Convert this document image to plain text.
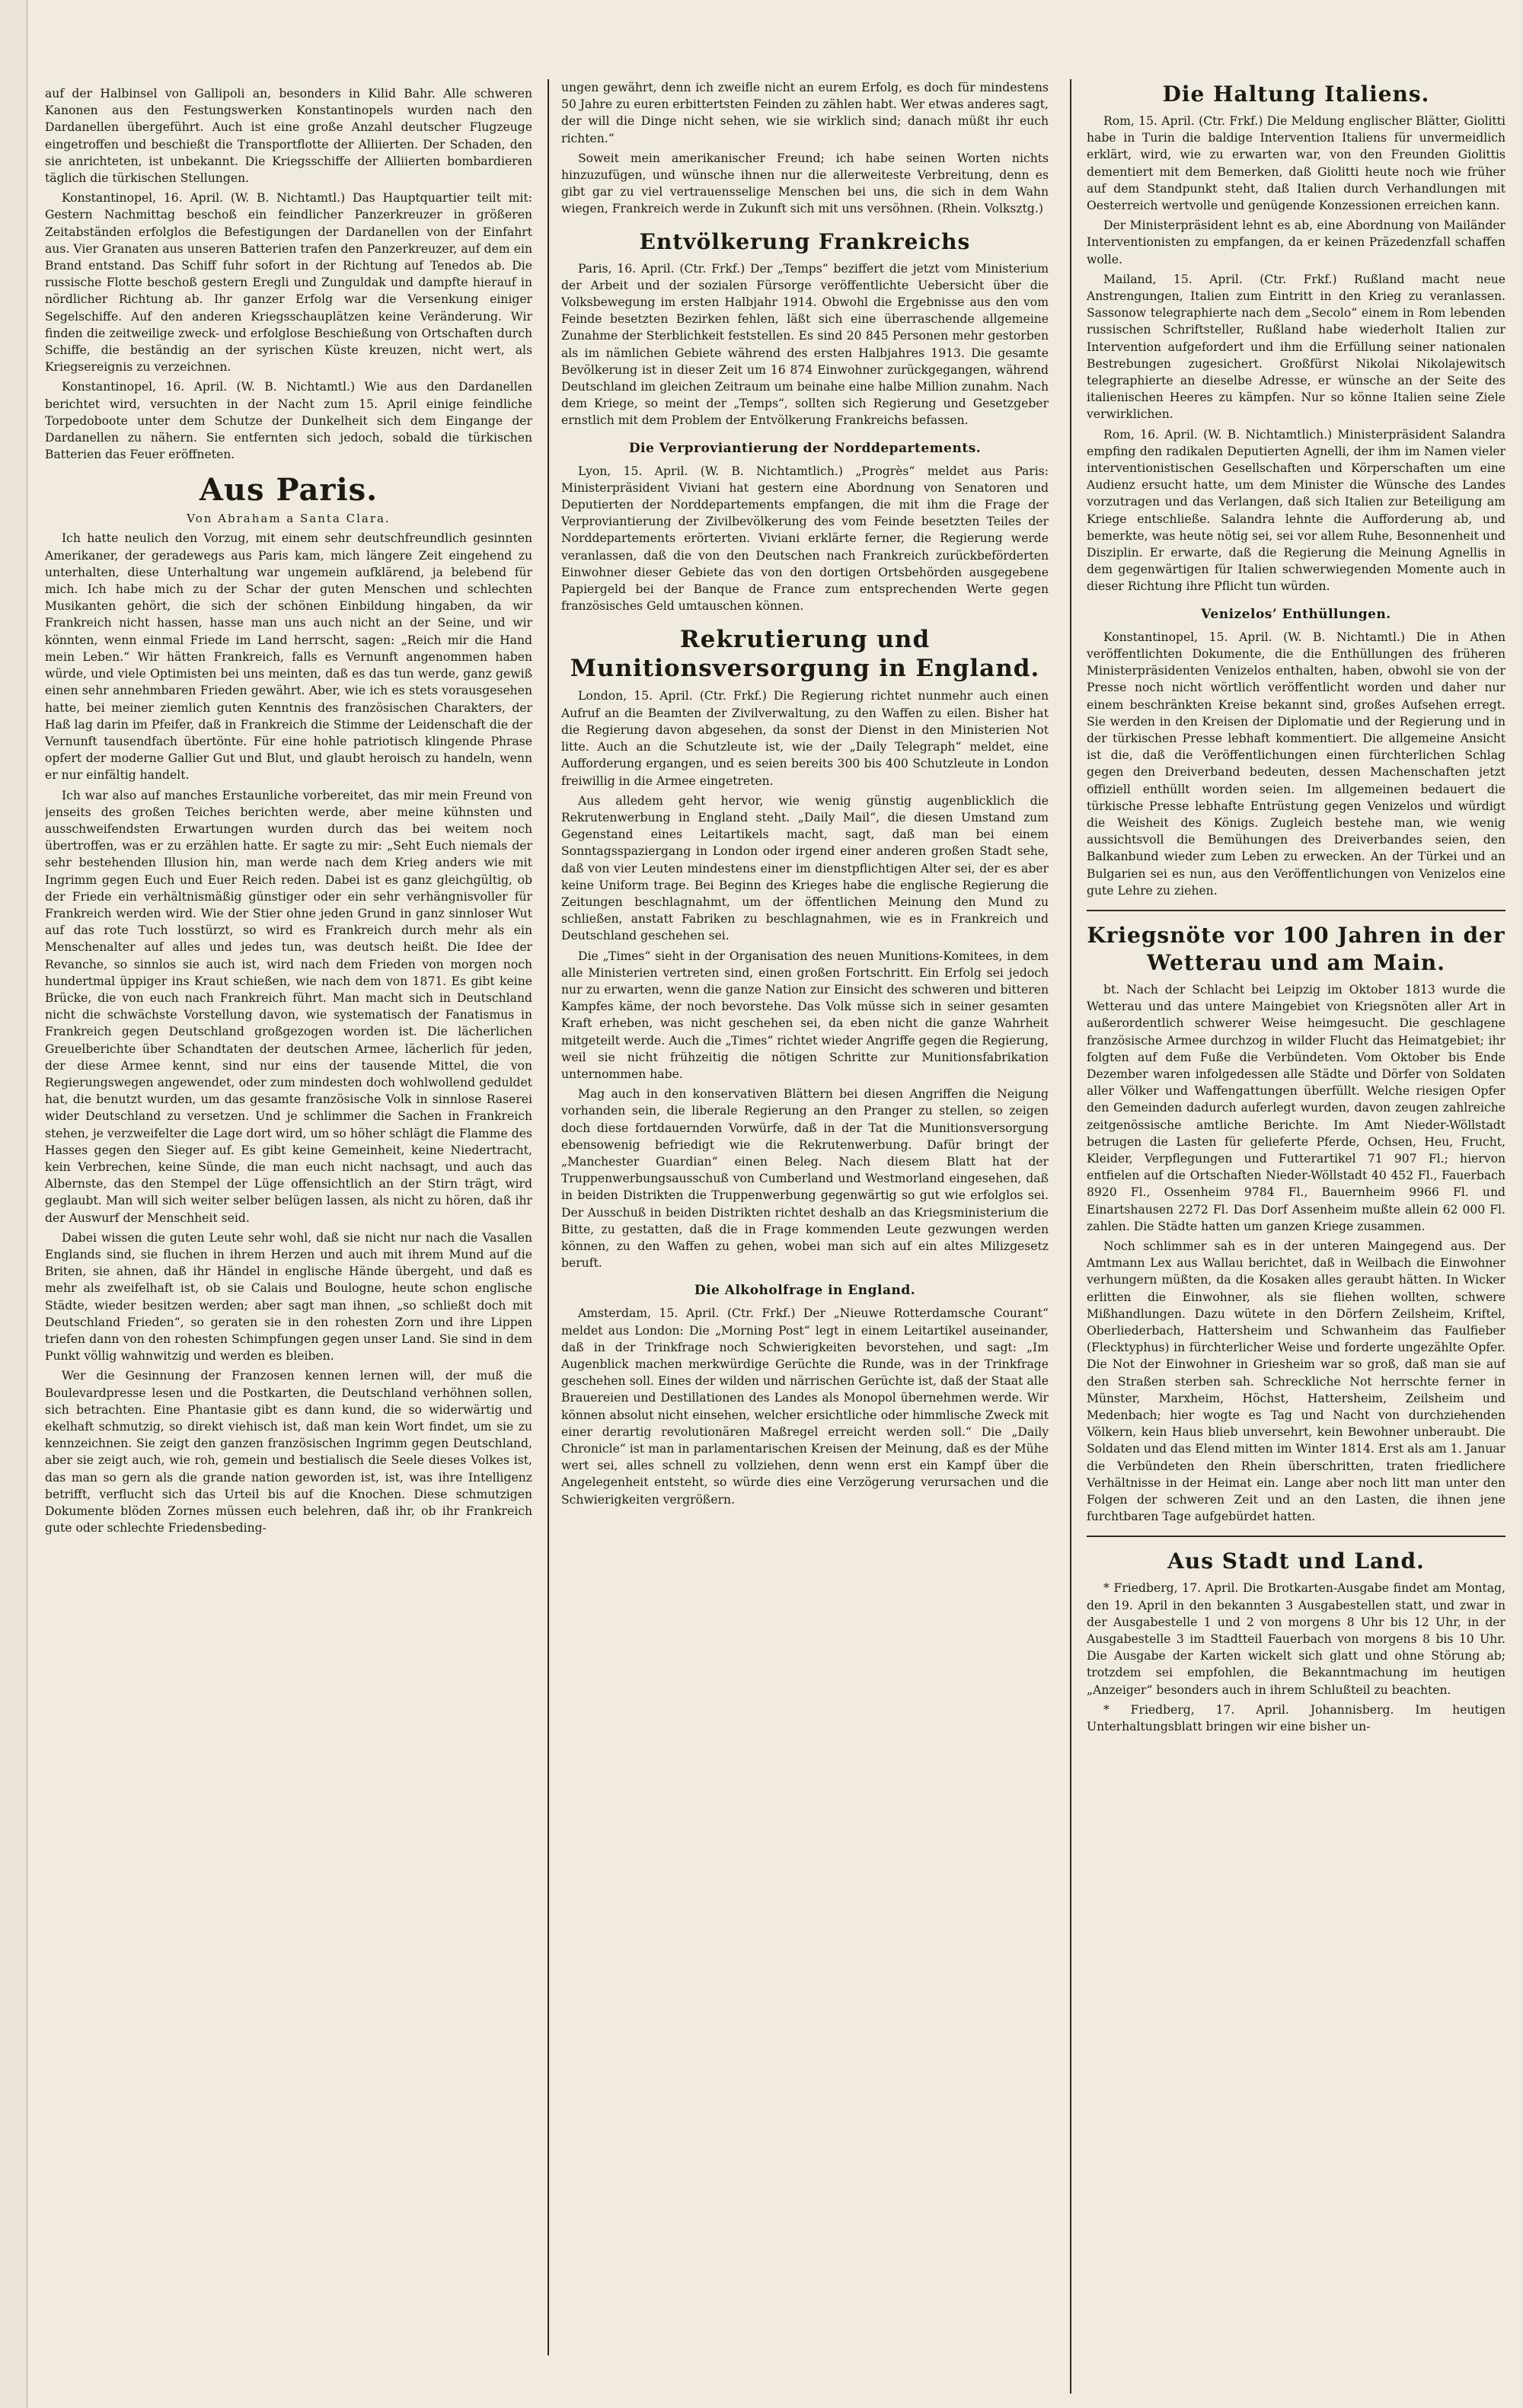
auf der Halbinsel von Gallipoli an, besonders in Kilid Bahr. Alle schweren Kanonen aus den Festungswerken Konstantinopels wurden nach den Dardanellen übergeführt. Auch ist eine große Anzahl deutscher Flugzeuge eingetroffen und beschießt die Transportflotte der Alliierten. Der Schaden, den sie anrichteten, ist unbekannt. Die Kriegsschiffe der Alliierten bombardieren täglich die türkischen Stellungen.

Konstantinopel, 16. April. (W. B. Nichtamtl.) Das Hauptquartier teilt mit: Gestern Nachmittag beschoß ein feindlicher Panzerkreuzer in größeren Zeitabständen erfolglos die Befestigungen der Dardanellen von der Einfahrt aus. Vier Granaten aus unseren Batterien trafen den Panzerkreuzer, auf dem ein Brand entstand. Das Schiff fuhr sofort in der Richtung auf Tenedos ab. Die russische Flotte beschoß gestern Eregli und Zunguldak und dampfte hierauf in nördlicher Richtung ab. Ihr ganzer Erfolg war die Versenkung einiger Segelschiffe. Auf den anderen Kriegsschauplätzen keine Veränderung. Wir finden die zeitweilige zweck- und erfolglose Beschießung von Ortschaften durch Schiffe, die beständig an der syrischen Küste kreuzen, nicht wert, als Kriegsereignis zu verzeichnen.

Konstantinopel, 16. April. (W. B. Nichtamtl.) Wie aus den Dardanellen berichtet wird, versuchten in der Nacht zum 15. April einige feindliche Torpedoboote unter dem Schutze der Dunkelheit sich dem Eingange der Dardanellen zu nähern. Sie entfernten sich jedoch, sobald die türkischen Batterien das Feuer eröffneten.

Aus Paris.
Von Abraham a Santa Clara.

Ich hatte neulich den Vorzug, mit einem sehr deutschfreundlich gesinnten Amerikaner, der geradewegs aus Paris kam, mich längere Zeit eingehend zu unterhalten, diese Unterhaltung war ungemein aufklärend, ja belebend für mich. Ich habe mich zu der Schar der guten Menschen und schlechten Musikanten gehört, die sich der schönen Einbildung hingaben, da wir Frankreich nicht hassen, hasse man uns auch nicht an der Seine, und wir könnten, wenn einmal Friede im Land herrscht, sagen: „Reich mir die Hand mein Leben.“ Wir hätten Frankreich, falls es Vernunft angenommen haben würde, und viele Optimisten bei uns meinten, daß es das tun werde, ganz gewiß einen sehr annehmbaren Frieden gewährt. Aber, wie ich es stets vorausgesehen hatte, bei meiner ziemlich guten Kenntnis des französischen Charakters, der Haß lag darin im Pfeifer, daß in Frankreich die Stimme der Leidenschaft die der Vernunft tausendfach übertönte. Für eine hohle patriotisch klingende Phrase opfert der moderne Gallier Gut und Blut, und glaubt heroisch zu handeln, wenn er nur einfältig handelt.

Ich war also auf manches Erstaunliche vorbereitet, das mir mein Freund von jenseits des großen Teiches berichten werde, aber meine kühnsten und ausschweifendsten Erwartungen wurden durch das bei weitem noch übertroffen, was er zu erzählen hatte. Er sagte zu mir: „Seht Euch niemals der sehr bestehenden Illusion hin, man werde nach dem Krieg anders wie mit Ingrimm gegen Euch und Euer Reich reden. Dabei ist es ganz gleichgültig, ob der Friede ein verhältnismäßig günstiger oder ein sehr verhängnisvoller für Frankreich werden wird. Wie der Stier ohne jeden Grund in ganz sinnloser Wut auf das rote Tuch losstürzt, so wird es Frankreich durch mehr als ein Menschenalter auf alles und jedes tun, was deutsch heißt. Die Idee der Revanche, so sinnlos sie auch ist, wird nach dem Frieden von morgen noch hundertmal üppiger ins Kraut schießen, wie nach dem von 1871. Es gibt keine Brücke, die von euch nach Frankreich führt. Man macht sich in Deutschland nicht die schwächste Vorstellung davon, wie systematisch der Fanatismus in Frankreich gegen Deutschland großgezogen worden ist. Die lächerlichen Greuelberichte über Schandtaten der deutschen Armee, lächerlich für jeden, der diese Armee kennt, sind nur eins der tausende Mittel, die von Regierungswegen angewendet, oder zum mindesten doch wohlwollend geduldet hat, die benutzt wurden, um das gesamte französische Volk in sinnlose Raserei wider Deutschland zu versetzen. Und je schlimmer die Sachen in Frankreich stehen, je verzweifelter die Lage dort wird, um so höher schlägt die Flamme des Hasses gegen den Sieger auf. Es gibt keine Gemeinheit, keine Niedertracht, kein Verbrechen, keine Sünde, die man euch nicht nachsagt, und auch das Albernste, das den Stempel der Lüge offensichtlich an der Stirn trägt, wird geglaubt. Man will sich weiter selber belügen lassen, als nicht zu hören, daß ihr der Auswurf der Menschheit seid.

Dabei wissen die guten Leute sehr wohl, daß sie nicht nur nach die Vasallen Englands sind, sie fluchen in ihrem Herzen und auch mit ihrem Mund auf die Briten, sie ahnen, daß ihr Händel in englische Hände übergeht, und daß es mehr als zweifelhaft ist, ob sie Calais und Boulogne, heute schon englische Städte, wieder besitzen werden; aber sagt man ihnen, „so schließt doch mit Deutschland Frieden“, so geraten sie in den rohesten Zorn und ihre Lippen triefen dann von den rohesten Schimpfungen gegen unser Land. Sie sind in dem Punkt völlig wahnwitzig und werden es bleiben.

Wer die Gesinnung der Franzosen kennen lernen will, der muß die Boulevardpresse lesen und die Postkarten, die Deutschland verhöhnen sollen, sich betrachten. Eine Phantasie gibt es dann kund, die so widerwärtig und ekelhaft schmutzig, so direkt viehisch ist, daß man kein Wort findet, um sie zu kennzeichnen. Sie zeigt den ganzen französischen Ingrimm gegen Deutschland, aber sie zeigt auch, wie roh, gemein und bestialisch die Seele dieses Volkes ist, das man so gern als die grande nation geworden ist, ist, was ihre Intelligenz betrifft, verflucht sich das Urteil bis auf die Knochen. Diese schmutzigen Dokumente blöden Zornes müssen euch belehren, daß ihr, ob ihr Frankreich gute oder schlechte Friedensbeding-

ungen gewährt, denn ich zweifle nicht an eurem Erfolg, es doch für mindestens 50 Jahre zu euren erbittertsten Feinden zu zählen habt. Wer etwas anderes sagt, der will die Dinge nicht sehen, wie sie wirklich sind; danach müßt ihr euch richten.“

Soweit mein amerikanischer Freund; ich habe seinen Worten nichts hinzuzufügen, und wünsche ihnen nur die allerweiteste Verbreitung, denn es gibt gar zu viel vertrauensselige Menschen bei uns, die sich in dem Wahn wiegen, Frankreich werde in Zukunft sich mit uns versöhnen. (Rhein. Volksztg.)

Entvölkerung Frankreichs

Paris, 16. April. (Ctr. Frkf.) Der „Temps“ beziffert die jetzt vom Ministerium der Arbeit und der sozialen Fürsorge veröffentlichte Uebersicht über die Volksbewegung im ersten Halbjahr 1914. Obwohl die Ergebnisse aus den vom Feinde besetzten Bezirken fehlen, läßt sich eine überraschende allgemeine Zunahme der Sterblichkeit feststellen. Es sind 20 845 Personen mehr gestorben als im nämlichen Gebiete während des ersten Halbjahres 1913. Die gesamte Bevölkerung ist in dieser Zeit um 16 874 Einwohner zurückgegangen, während Deutschland im gleichen Zeitraum um beinahe eine halbe Million zunahm. Nach dem Kriege, so meint der „Temps“, sollten sich Regierung und Gesetzgeber ernstlich mit dem Problem der Entvölkerung Frankreichs befassen.

Die Verproviantierung der Norddepartements.

Lyon, 15. April. (W. B. Nichtamtlich.) „Progrès“ meldet aus Paris: Ministerpräsident Viviani hat gestern eine Abordnung von Senatoren und Deputierten der Norddepartements empfangen, die mit ihm die Frage der Verproviantierung der Zivilbevölkerung des vom Feinde besetzten Teiles der Norddepartements erörterten. Viviani erklärte ferner, die Regierung werde veranlassen, daß die von den Deutschen nach Frankreich zurückbeförderten Einwohner dieser Gebiete das von den dortigen Ortsbehörden ausgegebene Papiergeld bei der Banque de France zum entsprechenden Werte gegen französisches Geld umtauschen können.

Rekrutierung und Munitionsversorgung in England.

London, 15. April. (Ctr. Frkf.) Die Regierung richtet nunmehr auch einen Aufruf an die Beamten der Zivilverwaltung, zu den Waffen zu eilen. Bisher hat die Regierung davon abgesehen, da sonst der Dienst in den Ministerien Not litte. Auch an die Schutzleute ist, wie der „Daily Telegraph“ meldet, eine Aufforderung ergangen, und es seien bereits 300 bis 400 Schutzleute in London freiwillig in die Armee eingetreten.

Aus alledem geht hervor, wie wenig günstig augenblicklich die Rekrutenwerbung in England steht. „Daily Mail“, die diesen Umstand zum Gegenstand eines Leitartikels macht, sagt, daß man bei einem Sonntagsspaziergang in London oder irgend einer anderen großen Stadt sehe, daß von vier Leuten mindestens einer im dienstpflichtigen Alter sei, der es aber keine Uniform trage. Bei Beginn des Krieges habe die englische Regierung die Zeitungen beschlagnahmt, um der öffentlichen Meinung den Mund zu schließen, anstatt Fabriken zu beschlagnahmen, wie es in Frankreich und Deutschland geschehen sei.

Die „Times“ sieht in der Organisation des neuen Munitions-Komitees, in dem alle Ministerien vertreten sind, einen großen Fortschritt. Ein Erfolg sei jedoch nur zu erwarten, wenn die ganze Nation zur Einsicht des schweren und bitteren Kampfes käme, der noch bevorstehe. Das Volk müsse sich in seiner gesamten Kraft erheben, was nicht geschehen sei, da eben nicht die ganze Wahrheit mitgeteilt werde. Auch die „Times“ richtet wieder Angriffe gegen die Regierung, weil sie nicht frühzeitig die nötigen Schritte zur Munitionsfabrikation unternommen habe.

Mag auch in den konservativen Blättern bei diesen Angriffen die Neigung vorhanden sein, die liberale Regierung an den Pranger zu stellen, so zeigen doch diese fortdauernden Vorwürfe, daß in der Tat die Munitionsversorgung ebensowenig befriedigt wie die Rekrutenwerbung. Dafür bringt der „Manchester Guardian“ einen Beleg. Nach diesem Blatt hat der Truppenwerbungsausschuß von Cumberland und Westmorland eingesehen, daß in beiden Distrikten die Truppenwerbung gegenwärtig so gut wie erfolglos sei. Der Ausschuß in beiden Distrikten richtet deshalb an das Kriegsministerium die Bitte, zu gestatten, daß die in Frage kommenden Leute gezwungen werden können, zu den Waffen zu gehen, wobei man sich auf ein altes Milizgesetz beruft.

Die Alkoholfrage in England.

Amsterdam, 15. April. (Ctr. Frkf.) Der „Nieuwe Rotterdamsche Courant“ meldet aus London: Die „Morning Post“ legt in einem Leitartikel auseinander, daß in der Trinkfrage noch Schwierigkeiten bevorstehen, und sagt: „Im Augenblick machen merkwürdige Gerüchte die Runde, was in der Trinkfrage geschehen soll. Eines der wilden und närrischen Gerüchte ist, daß der Staat alle Brauereien und Destillationen des Landes als Monopol übernehmen werde. Wir können absolut nicht einsehen, welcher ersichtliche oder himmlische Zweck mit einer derartig revolutionären Maßregel erreicht werden soll.“ Die „Daily Chronicle“ ist man in parlamentarischen Kreisen der Meinung, daß es der Mühe wert sei, alles schnell zu vollziehen, denn wenn erst ein Kampf über die Angelegenheit entsteht, so würde dies eine Verzögerung verursachen und die Schwierigkeiten vergrößern.

Die Haltung Italiens.

Rom, 15. April. (Ctr. Frkf.) Die Meldung englischer Blätter, Giolitti habe in Turin die baldige Intervention Italiens für unvermeidlich erklärt, wird, wie zu erwarten war, von den Freunden Giolittis dementiert mit dem Bemerken, daß Giolitti heute noch wie früher auf dem Standpunkt steht, daß Italien durch Verhandlungen mit Oesterreich wertvolle und genügende Konzessionen erreichen kann.

Der Ministerpräsident lehnt es ab, eine Abordnung von Mailänder Interventionisten zu empfangen, da er keinen Präzedenzfall schaffen wolle.

Mailand, 15. April. (Ctr. Frkf.) Rußland macht neue Anstrengungen, Italien zum Eintritt in den Krieg zu veranlassen. Sassonow telegraphierte nach dem „Secolo“ einem in Rom lebenden russischen Schriftsteller, Rußland habe wiederholt Italien zur Intervention aufgefordert und ihm die Erfüllung seiner nationalen Bestrebungen zugesichert. Großfürst Nikolai Nikolajewitsch telegraphierte an dieselbe Adresse, er wünsche an der Seite des italienischen Heeres zu kämpfen. Nur so könne Italien seine Ziele verwirklichen.

Rom, 16. April. (W. B. Nichtamtlich.) Ministerpräsident Salandra empfing den radikalen Deputierten Agnelli, der ihm im Namen vieler interventionistischen Gesellschaften und Körperschaften um eine Audienz ersucht hatte, um dem Minister die Wünsche des Landes vorzutragen und das Verlangen, daß sich Italien zur Beteiligung am Kriege entschließe. Salandra lehnte die Aufforderung ab, und bemerkte, was heute nötig sei, sei vor allem Ruhe, Besonnenheit und Disziplin. Er erwarte, daß die Regierung die Meinung Agnellis in dem gegenwärtigen für Italien schwerwiegenden Momente auch in dieser Richtung ihre Pflicht tun würden.

Venizelos’ Enthüllungen.

Konstantinopel, 15. April. (W. B. Nichtamtl.) Die in Athen veröffentlichten Dokumente, die die Enthüllungen des früheren Ministerpräsidenten Venizelos enthalten, haben, obwohl sie von der Presse noch nicht wörtlich veröffentlicht worden und daher nur einem beschränkten Kreise bekannt sind, großes Aufsehen erregt. Sie werden in den Kreisen der Diplomatie und der Regierung und in der türkischen Presse lebhaft kommentiert. Die allgemeine Ansicht ist die, daß die Veröffentlichungen einen fürchterlichen Schlag gegen den Dreiverband bedeuten, dessen Machenschaften jetzt offiziell enthüllt worden seien. Im allgemeinen bedauert die türkische Presse lebhafte Entrüstung gegen Venizelos und würdigt die Weisheit des Königs. Zugleich bestehe man, wie wenig aussichtsvoll die Bemühungen des Dreiverbandes seien, den Balkanbund wieder zum Leben zu erwecken. An der Türkei und an Bulgarien sei es nun, aus den Veröffentlichungen von Venizelos eine gute Lehre zu ziehen.

Kriegsnöte vor 100 Jahren in der Wetterau und am Main.

bt. Nach der Schlacht bei Leipzig im Oktober 1813 wurde die Wetterau und das untere Maingebiet von Kriegsnöten aller Art in außerordentlich schwerer Weise heimgesucht. Die geschlagene französische Armee durchzog in wilder Flucht das Heimatgebiet; ihr folgten auf dem Fuße die Verbündeten. Vom Oktober bis Ende Dezember waren infolgedessen alle Städte und Dörfer von Soldaten aller Völker und Waffengattungen überfüllt. Welche riesigen Opfer den Gemeinden dadurch auferlegt wurden, davon zeugen zahlreiche zeitgenössische amtliche Berichte. Im Amt Nieder-Wöllstadt betrugen die Lasten für gelieferte Pferde, Ochsen, Heu, Frucht, Kleider, Verpflegungen und Futterartikel 71 907 Fl.; hiervon entfielen auf die Ortschaften Nieder-Wöllstadt 40 452 Fl., Fauerbach 8920 Fl., Ossenheim 9784 Fl., Bauernheim 9966 Fl. und Einartshausen 2272 Fl. Das Dorf Assenheim mußte allein 62 000 Fl. zahlen. Die Städte hatten um ganzen Kriege zusammen.

Noch schlimmer sah es in der unteren Maingegend aus. Der Amtmann Lex aus Wallau berichtet, daß in Weilbach die Einwohner verhungern müßten, da die Kosaken alles geraubt hätten. In Wicker erlitten die Einwohner, als sie fliehen wollten, schwere Mißhandlungen. Dazu wütete in den Dörfern Zeilsheim, Kriftel, Oberliederbach, Hattersheim und Schwanheim das Faulfieber (Flecktyphus) in fürchterlicher Weise und forderte ungezählte Opfer. Die Not der Einwohner in Griesheim war so groß, daß man sie auf den Straßen sterben sah. Schreckliche Not herrschte ferner in Münster, Marxheim, Höchst, Hattersheim, Zeilsheim und Medenbach; hier wogte es Tag und Nacht von durchziehenden Völkern, kein Haus blieb unversehrt, kein Bewohner unberaubt. Die Soldaten und das Elend mitten im Winter 1814. Erst als am 1. Januar die Verbündeten den Rhein überschritten, traten friedlichere Verhältnisse in der Heimat ein. Lange aber noch litt man unter den Folgen der schweren Zeit und an den Lasten, die ihnen jene furchtbaren Tage aufgebürdet hatten.

Aus Stadt und Land.

* Friedberg, 17. April. Die Brotkarten-Ausgabe findet am Montag, den 19. April in den bekannten 3 Ausgabestellen statt, und zwar in der Ausgabestelle 1 und 2 von morgens 8 Uhr bis 12 Uhr, in der Ausgabestelle 3 im Stadtteil Fauerbach von morgens 8 bis 10 Uhr. Die Ausgabe der Karten wickelt sich glatt und ohne Störung ab; trotzdem sei empfohlen, die Bekanntmachung im heutigen „Anzeiger“ besonders auch in ihrem Schlußteil zu beachten.

* Friedberg, 17. April. Johannisberg. Im heutigen Unterhaltungsblatt bringen wir eine bisher un-
